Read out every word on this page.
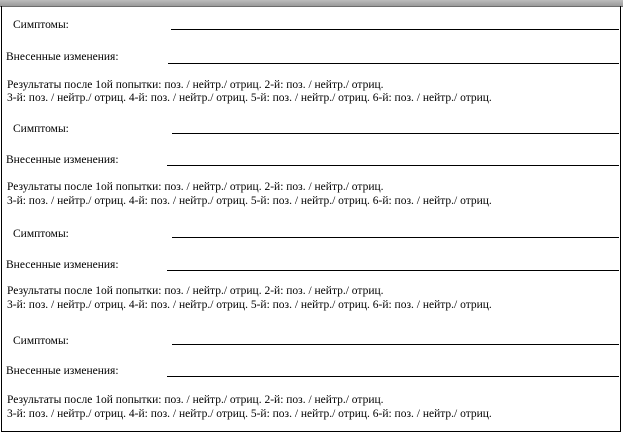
Симптомы:
Внесенные изменения:
Результаты после 1ой попытки: поз. / нейтр./ отриц. 2-й: поз. / нейтр./ отриц.
3-й: поз. / нейтр./ отриц. 4-й: поз. / нейтр./ отриц. 5-й: поз. / нейтр./ отриц. 6-й: поз. / нейтр./ отриц.
Симптомы:
Внесенные изменения:
Результаты после 1ой попытки: поз. / нейтр./ отриц. 2-й: поз. / нейтр./ отриц.
3-й: поз. / нейтр./ отриц. 4-й: поз. / нейтр./ отриц. 5-й: поз. / нейтр./ отриц. 6-й: поз. / нейтр./ отриц.
Симптомы:
Внесенные изменения:
Результаты после 1ой попытки: поз. / нейтр./ отриц. 2-й: поз. / нейтр./ отриц.
3-й: поз. / нейтр./ отриц. 4-й: поз. / нейтр./ отриц. 5-й: поз. / нейтр./ отриц. 6-й: поз. / нейтр./ отриц.
Симптомы:
Внесенные изменения:
Результаты после 1ой попытки: поз. / нейтр./ отриц. 2-й: поз. / нейтр./ отриц.
3-й: поз. / нейтр./ отриц. 4-й: поз. / нейтр./ отриц. 5-й: поз. / нейтр./ отриц. 6-й: поз. / нейтр./ отриц.
